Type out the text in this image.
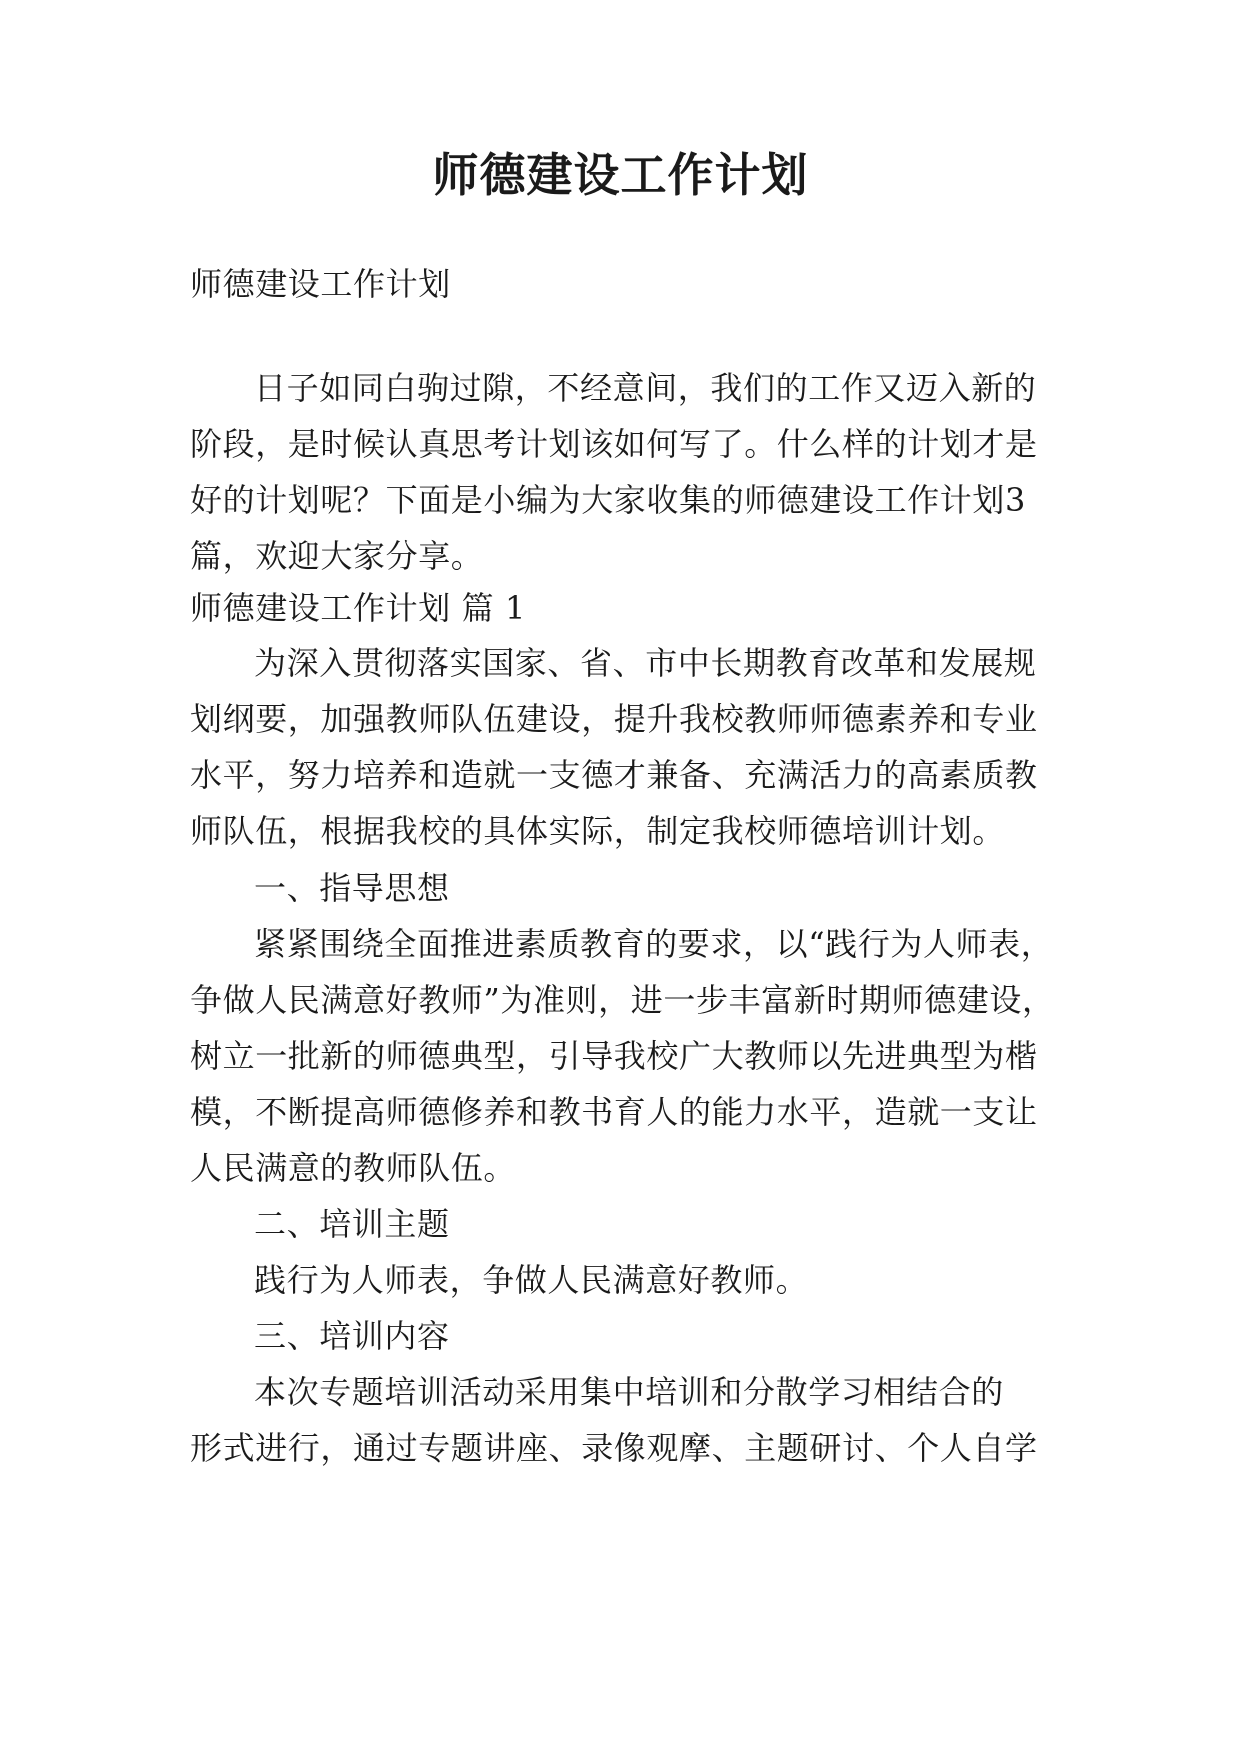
师德建设工作计划
师德建设工作计划
日子如同白驹过隙，不经意间，我们的工作又迈入新的
阶段，是时候认真思考计划该如何写了。什么样的计划才是
好的计划呢？下面是小编为大家收集的师德建设工作计划3
篇，欢迎大家分享。
师德建设工作计划 篇 1
为深入贯彻落实国家、省、市中长期教育改革和发展规
划纲要，加强教师队伍建设，提升我校教师师德素养和专业
水平，努力培养和造就一支德才兼备、充满活力的高素质教
师队伍，根据我校的具体实际，制定我校师德培训计划。
一、指导思想
紧紧围绕全面推进素质教育的要求，以“践行为人师表，
争做人民满意好教师”为准则，进一步丰富新时期师德建设，
树立一批新的师德典型，引导我校广大教师以先进典型为楷
模，不断提高师德修养和教书育人的能力水平，造就一支让
人民满意的教师队伍。
二、培训主题
践行为人师表，争做人民满意好教师。
三、培训内容
本次专题培训活动采用集中培训和分散学习相结合的
形式进行，通过专题讲座、录像观摩、主题研讨、个人自学
